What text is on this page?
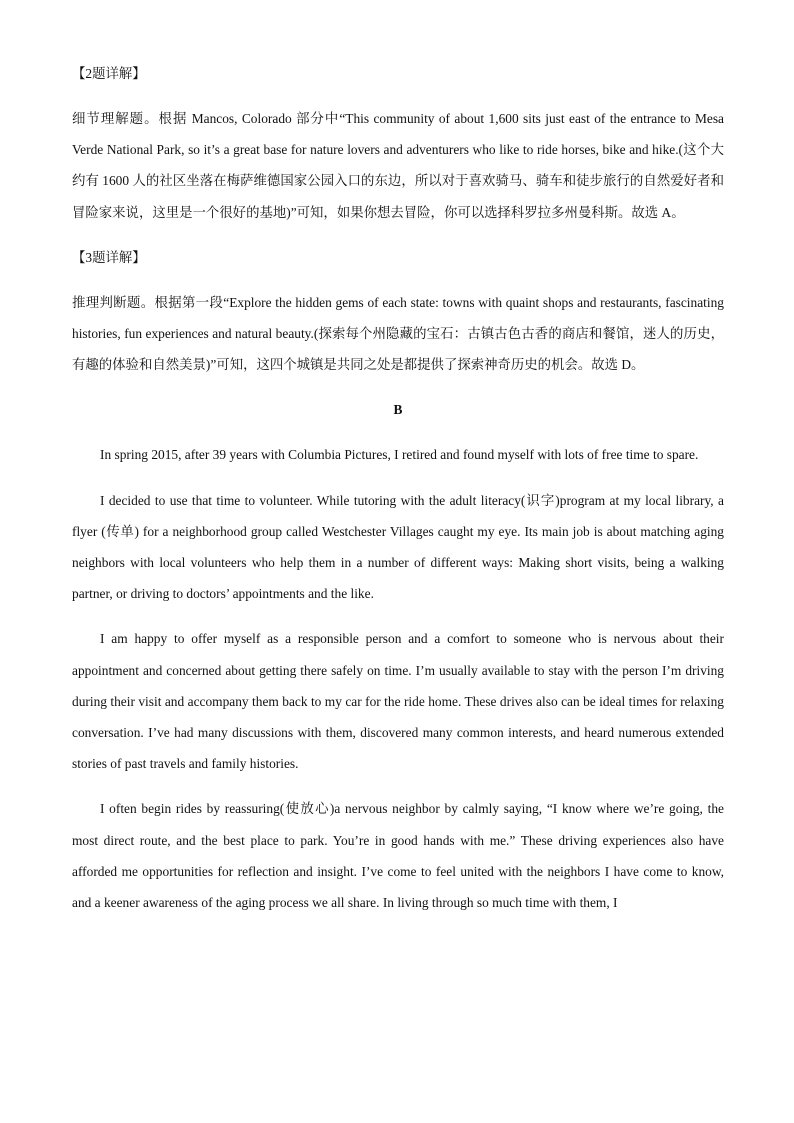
【2题详解】

细节理解题。根据 Mancos, Colorado 部分中“This community of about 1,600 sits just east of the entrance to Mesa Verde National Park, so it’s a great base for nature lovers and adventurers who like to ride horses, bike and hike.(这个大约有 1600 人的社区坐落在梅萨维德国家公园入口的东边，所以对于喜欢骑马、骑车和徒步旅行的自然爱好者和冒险家来说，这里是一个很好的基地)”可知，如果你想去冒险，你可以选择科罗拉多州曼科斯。故选 A。

【3题详解】

推理判断题。根据第一段“Explore the hidden gems of each state: towns with quaint shops and restaurants, fascinating histories, fun experiences and natural beauty.(探索每个州隐藏的宝石：古镇古色古香的商店和餐馆，迷人的历史，有趣的体验和自然美景)”可知，这四个城镇是共同之处是都提供了探索神奇历史的机会。故选 D。

B

In spring 2015, after 39 years with Columbia Pictures, I retired and found myself with lots of free time to spare.

I decided to use that time to volunteer. While tutoring with the adult literacy(识字)program at my local library, a flyer (传单) for a neighborhood group called Westchester Villages caught my eye. Its main job is about matching aging neighbors with local volunteers who help them in a number of different ways: Making short visits, being a walking partner, or driving to doctors’ appointments and the like.

I am happy to offer myself as a responsible person and a comfort to someone who is nervous about their appointment and concerned about getting there safely on time. I’m usually available to stay with the person I’m driving during their visit and accompany them back to my car for the ride home. These drives also can be ideal times for relaxing conversation. I’ve had many discussions with them, discovered many common interests, and heard numerous extended stories of past travels and family histories.

I often begin rides by reassuring(使放心)a nervous neighbor by calmly saying, “I know where we’re going, the most direct route, and the best place to park. You’re in good hands with me.” These driving experiences also have afforded me opportunities for reflection and insight. I’ve come to feel united with the neighbors I have come to know, and a keener awareness of the aging process we all share. In living through so much time with them, I
